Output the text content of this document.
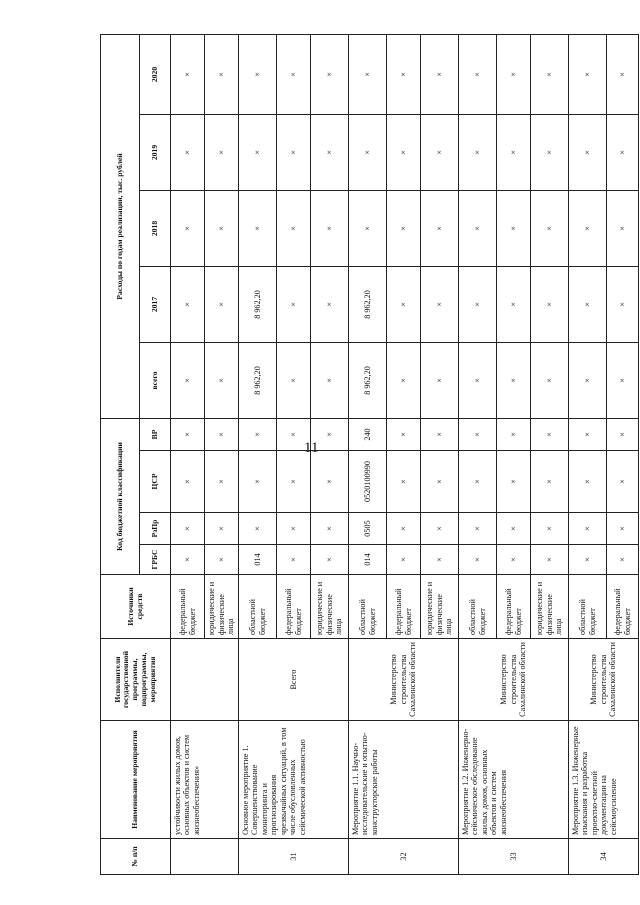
11
№ п/п	Наименование мероприятия	Исполнители государственной программы, подпрограммы, мероприятия	Источники средств	Код бюджетной классификации				Расходы по годам реализации, тыс. рублей				
				ГРБС	РзПр	ЦСР	ВР	всего	2017	2018	2019	2020
	устойчивости жилых домов, основных объектов и систем жизнеобеспечения»		федеральный бюджет	×	×	×	×	×	×	×	×	×
			юридические и физические лица	×	×	×	×	×	×	×	×	×
31	Основное мероприятие 1. Совершенствование мониторинга и прогнозирования чрезвычайных ситуаций, в том числе обусловленных сейсмической активностью	Всего	областной бюджет	014	×	×	×	8 962,20	8 962,20	×	×	×
			федеральный бюджет	×	×	×	×	×	×	×	×	×
			юридические и физические лица	×	×	×	×	×	×	×	×	×
32	Мероприятие 1.1. Научно-исследовательские и опытно-конструкторские работы	Министерство строительства Сахалинской области	областной бюджет	014	0505	0520100990	240	8 962,20	8 962,20	×	×	×
			федеральный бюджет	×	×	×	×	×	×	×	×	×
			юридические и физические лица	×	×	×	×	×	×	×	×	×
33	Мероприятие 1.2. Инженерно-сейсмическое обследование жилых домов, основных объектов и систем жизнеобеспечения	Министерство строительства Сахалинской области	областной бюджет	×	×	×	×	×	×	×	×	×
			федеральный бюджет	×	×	×	×	×	×	×	×	×
			юридические и физические лица	×	×	×	×	×	×	×	×	×
34	Мероприятие 1.3. Инженерные изыскания и разработка проектно-сметной документации на сейсмоусиление	Министерство строительства Сахалинской области	областной бюджет	×	×	×	×	×	×	×	×	×
			федеральный бюджет	×	×	×	×	×	×	×	×	×
